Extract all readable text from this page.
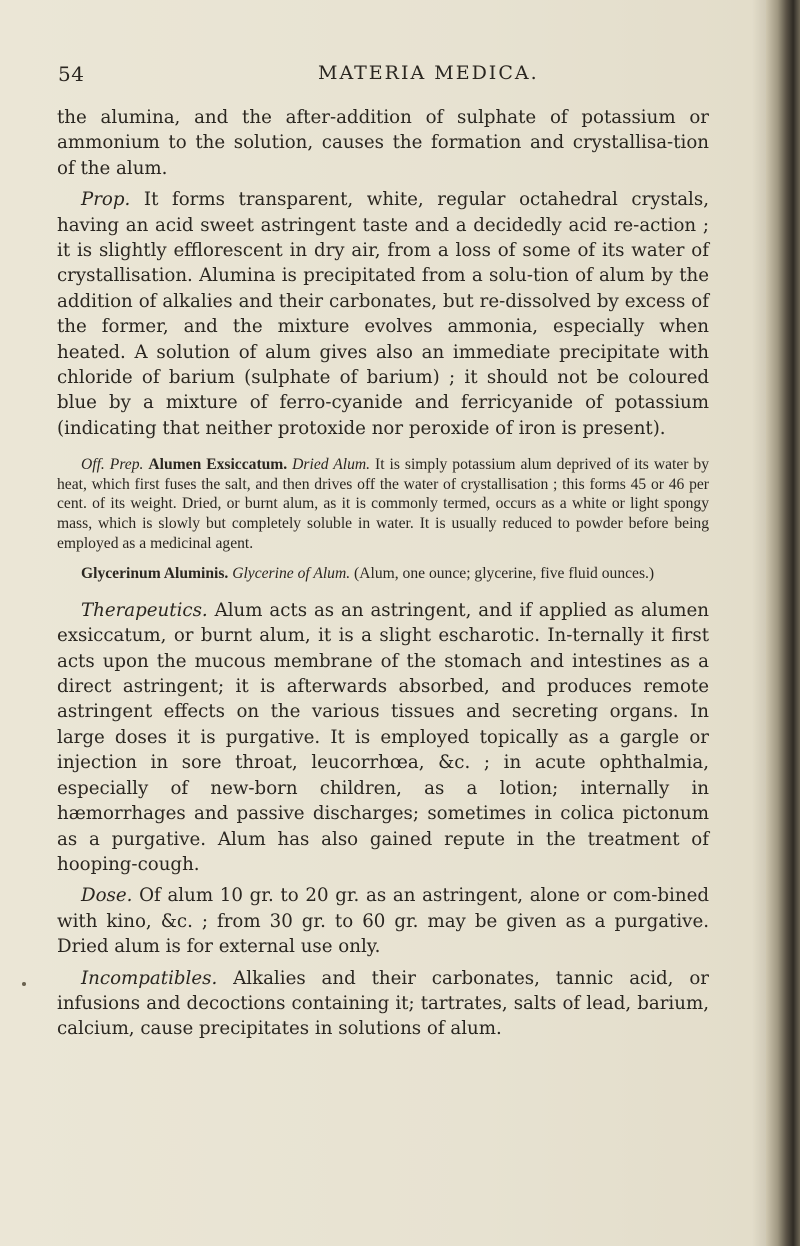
54	MATERIA MEDICA.

the alumina, and the after-addition of sulphate of potassium or ammonium to the solution, causes the formation and crystallisa-tion of the alum.

Prop. It forms transparent, white, regular octahedral crystals, having an acid sweet astringent taste and a decidedly acid re-action ; it is slightly efflorescent in dry air, from a loss of some of its water of crystallisation. Alumina is precipitated from a solu-tion of alum by the addition of alkalies and their carbonates, but re-dissolved by excess of the former, and the mixture evolves ammonia, especially when heated. A solution of alum gives also an immediate precipitate with chloride of barium (sulphate of barium) ; it should not be coloured blue by a mixture of ferro-cyanide and ferricyanide of potassium (indicating that neither protoxide nor peroxide of iron is present).

Off. Prep. Alumen Exsiccatum. Dried Alum. It is simply potassium alum deprived of its water by heat, which first fuses the salt, and then drives off the water of crystallisation ; this forms 45 or 46 per cent. of its weight. Dried, or burnt alum, as it is commonly termed, occurs as a white or light spongy mass, which is slowly but completely soluble in water. It is usually reduced to powder before being employed as a medicinal agent.

Glycerinum Aluminis. Glycerine of Alum. (Alum, one ounce; glycerine, five fluid ounces.)

Therapeutics. Alum acts as an astringent, and if applied as alumen exsiccatum, or burnt alum, it is a slight escharotic. In-ternally it first acts upon the mucous membrane of the stomach and intestines as a direct astringent; it is afterwards absorbed, and produces remote astringent effects on the various tissues and secreting organs. In large doses it is purgative. It is employed topically as a gargle or injection in sore throat, leucorrhœa, &c. ; in acute ophthalmia, especially of new-born children, as a lotion; internally in hæmorrhages and passive discharges; sometimes in colica pictonum as a purgative. Alum has also gained repute in the treatment of hooping-cough.

Dose. Of alum 10 gr. to 20 gr. as an astringent, alone or com-bined with kino, &c. ; from 30 gr. to 60 gr. may be given as a purgative. Dried alum is for external use only.

Incompatibles. Alkalies and their carbonates, tannic acid, or infusions and decoctions containing it; tartrates, salts of lead, barium, calcium, cause precipitates in solutions of alum.
